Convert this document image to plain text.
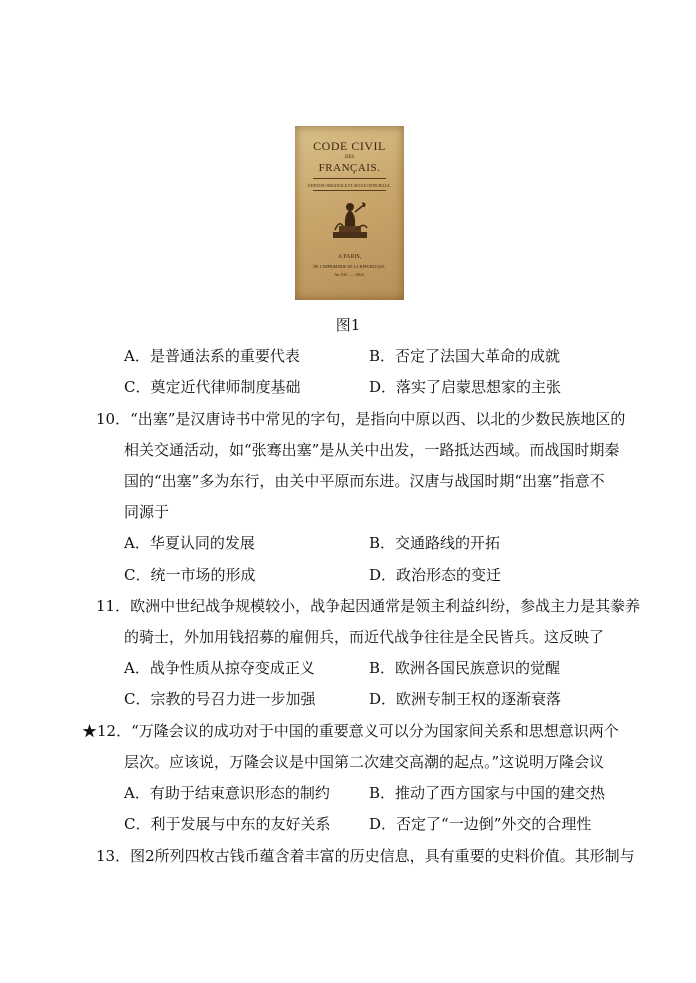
CODE CIVIL
DES
FRANÇAIS.
ÉDITION ORIGINALE ET SEULE OFFICIELLE.
A PARIS,
DE L'IMPRIMERIE DE LA RÉPUBLIQUE.
An XII. — 1804.
图1
A．是普通法系的重要代表	B．否定了法国大革命的成就
C．奠定近代律师制度基础	D．落实了启蒙思想家的主张
10．“出塞”是汉唐诗书中常见的字句，是指向中原以西、以北的少数民族地区的
相关交通活动，如“张骞出塞”是从关中出发，一路抵达西域。而战国时期秦
国的“出塞”多为东行，由关中平原而东进。汉唐与战国时期“出塞”指意不
同源于
A．华夏认同的发展	B．交通路线的开拓
C．统一市场的形成	D．政治形态的变迁
11．欧洲中世纪战争规模较小，战争起因通常是领主利益纠纷，参战主力是其豢养
的骑士，外加用钱招募的雇佣兵，而近代战争往往是全民皆兵。这反映了
A．战争性质从掠夺变成正义	B．欧洲各国民族意识的觉醒
C．宗教的号召力进一步加强	D．欧洲专制王权的逐渐衰落
★12．“万隆会议的成功对于中国的重要意义可以分为国家间关系和思想意识两个
层次。应该说，万隆会议是中国第二次建交高潮的起点。”这说明万隆会议
A．有助于结束意识形态的制约	B．推动了西方国家与中国的建交热
C．利于发展与中东的友好关系	D．否定了“一边倒”外交的合理性
13．图2所列四枚古钱币蕴含着丰富的历史信息，具有重要的史料价值。其形制与
